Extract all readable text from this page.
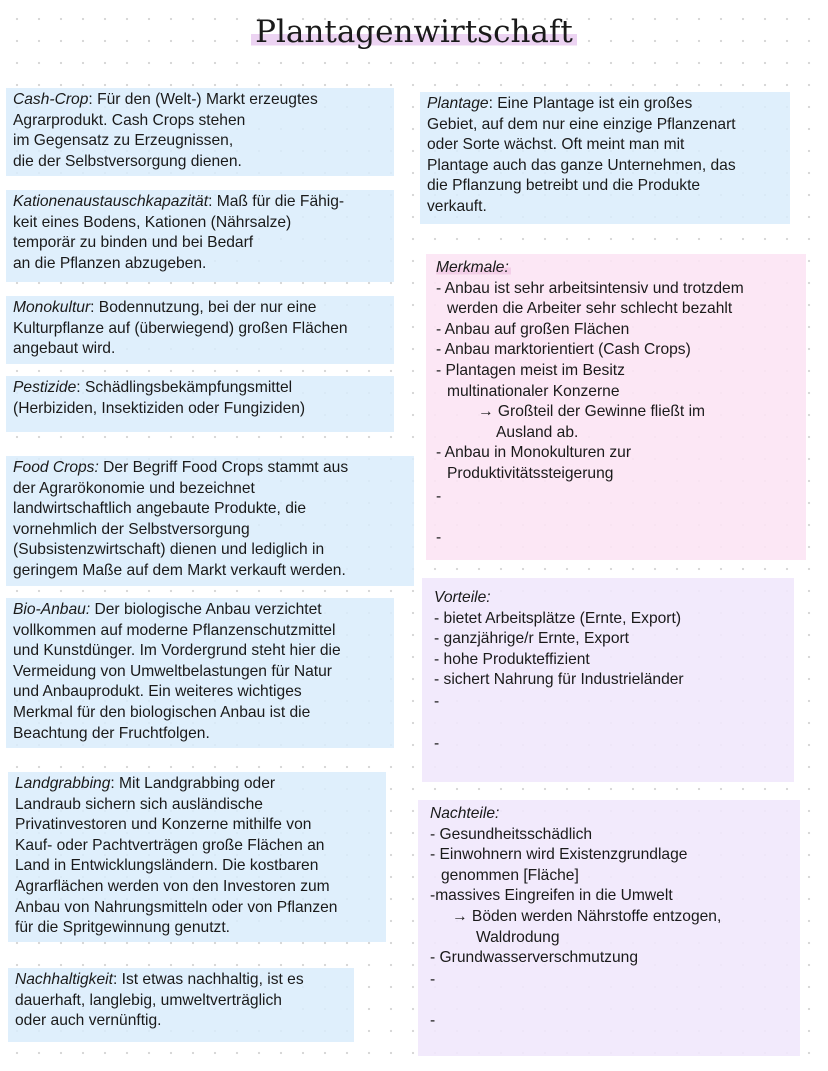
Plantagenwirtschaft
Cash-Crop: Für den (Welt-) Markt erzeugtes
Agrarprodukt. Cash Crops stehen
im Gegensatz zu Erzeugnissen,
die der Selbstversorgung dienen.
Kationenaustauschkapazität: Maß für die Fähig-
keit eines Bodens, Kationen (Nährsalze)
temporär zu binden und bei Bedarf
an die Pflanzen abzugeben.
Monokultur: Bodennutzung, bei der nur eine
Kulturpflanze auf (überwiegend) großen Flächen
angebaut wird.
Pestizide: Schädlingsbekämpfungsmittel
(Herbiziden, Insektiziden oder Fungiziden)
Food Crops: Der Begriff Food Crops stammt aus
der Agrarökonomie und bezeichnet
landwirtschaftlich angebaute Produkte, die
vornehmlich der Selbstversorgung
(Subsistenzwirtschaft) dienen und lediglich in
geringem Maße auf dem Markt verkauft werden.
Bio-Anbau: Der biologische Anbau verzichtet
vollkommen auf moderne Pflanzenschutzmittel
und Kunstdünger. Im Vordergrund steht hier die
Vermeidung von Umweltbelastungen für Natur
und Anbauprodukt. Ein weiteres wichtiges
Merkmal für den biologischen Anbau ist die
Beachtung der Fruchtfolgen.
Landgrabbing: Mit Landgrabbing oder
Landraub sichern sich ausländische
Privatinvestoren und Konzerne mithilfe von
Kauf- oder Pachtverträgen große Flächen an
Land in Entwicklungsländern. Die kostbaren
Agrarflächen werden von den Investoren zum
Anbau von Nahrungsmitteln oder von Pflanzen
für die Spritgewinnung genutzt.
Nachhaltigkeit: Ist etwas nachhaltig, ist es
dauerhaft, langlebig, umweltverträglich
oder auch vernünftig.
Plantage: Eine Plantage ist ein großes
Gebiet, auf dem nur eine einzige Pflanzenart
oder Sorte wächst. Oft meint man mit
Plantage auch das ganze Unternehmen, das
die Pflanzung betreibt und die Produkte
verkauft.
Merkmale:
- Anbau ist sehr arbeitsintensiv und trotzdem
werden die Arbeiter sehr schlecht bezahlt
- Anbau auf großen Flächen
- Anbau marktorientiert (Cash Crops)
- Plantagen meist im Besitz
multinationaler Konzerne
→ Großteil der Gewinne fließt im
Ausland ab.
- Anbau in Monokulturen zur
Produktivitätssteigerung
-
-
Vorteile:
- bietet Arbeitsplätze (Ernte, Export)
- ganzjährige/r Ernte, Export
- hohe Produkteffizient
- sichert Nahrung für Industrieländer
-
-
Nachteile:
- Gesundheitsschädlich
- Einwohnern wird Existenzgrundlage
genommen [Fläche]
-massives Eingreifen in die Umwelt
→ Böden werden Nährstoffe entzogen,
Waldrodung
- Grundwasserverschmutzung
-
-
